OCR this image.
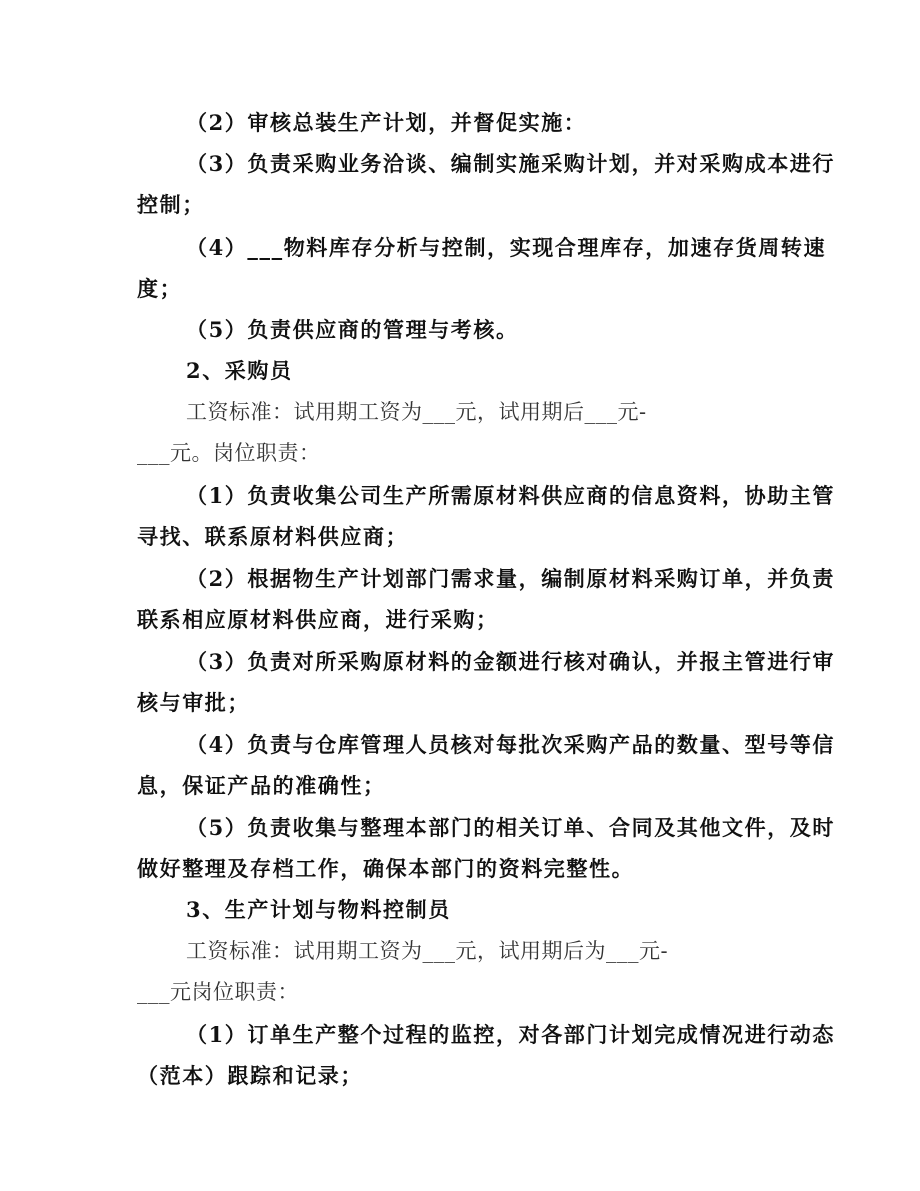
（2）审核总装生产计划，并督促实施：

（3）负责采购业务洽谈、编制实施采购计划，并对采购成本进行

控制；

（4）___物料库存分析与控制，实现合理库存，加速存货周转速

度；

（5）负责供应商的管理与考核。

2、采购员

工资标准：试用期工资为___元，试用期后___元-

___元。岗位职责：

（1）负责收集公司生产所需原材料供应商的信息资料，协助主管

寻找、联系原材料供应商；

（2）根据物生产计划部门需求量，编制原材料采购订单，并负责

联系相应原材料供应商，进行采购；

（3）负责对所采购原材料的金额进行核对确认，并报主管进行审

核与审批；

（4）负责与仓库管理人员核对每批次采购产品的数量、型号等信

息，保证产品的准确性；

（5）负责收集与整理本部门的相关订单、合同及其他文件，及时

做好整理及存档工作，确保本部门的资料完整性。

3、生产计划与物料控制员

工资标准：试用期工资为___元，试用期后为___元-

___元岗位职责：

（1）订单生产整个过程的监控，对各部门计划完成情况进行动态

（范本）跟踪和记录；
